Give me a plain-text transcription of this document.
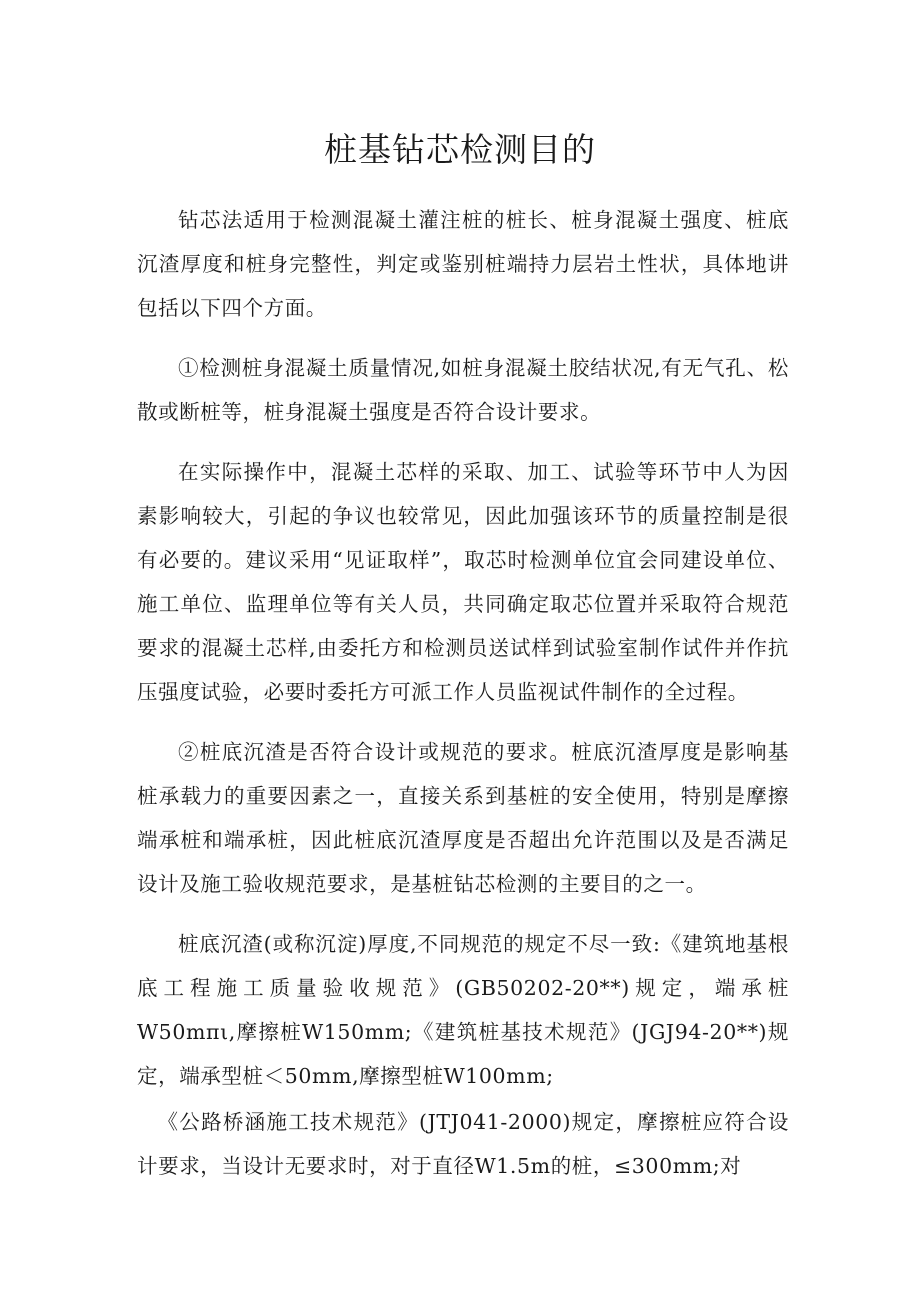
桩基钻芯检测目的

钻芯法适用于检测混凝土灌注桩的桩长、桩身混凝土强度、桩底沉渣厚度和桩身完整性，判定或鉴别桩端持力层岩土性状，具体地讲包括以下四个方面。

①检测桩身混凝土质量情况,如桩身混凝土胶结状况,有无气孔、松散或断桩等，桩身混凝土强度是否符合设计要求。

在实际操作中，混凝土芯样的采取、加工、试验等环节中人为因素影响较大，引起的争议也较常见，因此加强该环节的质量控制是很有必要的。建议采用“见证取样”，取芯时检测单位宜会同建设单位、施工单位、监理单位等有关人员，共同确定取芯位置并采取符合规范要求的混凝土芯样,由委托方和检测员送试样到试验室制作试件并作抗压强度试验，必要时委托方可派工作人员监视试件制作的全过程。

②桩底沉渣是否符合设计或规范的要求。桩底沉渣厚度是影响基桩承载力的重要因素之一，直接关系到基桩的安全使用，特别是摩擦端承桩和端承桩，因此桩底沉渣厚度是否超出允许范围以及是否满足设计及施工验收规范要求，是基桩钻芯检测的主要目的之一。

桩底沉渣(或称沉淀)厚度,不同规范的规定不尽一致:《建筑地基根底工程施工质量验收规范》(GB50202-20**)规定，端承桩W50mπι,摩擦桩W150mm;《建筑桩基技术规范》(JGJ94-20**)规定，端承型桩＜50mm,摩擦型桩W100mm;

《公路桥涵施工技术规范》(JTJ041-2000)规定，摩擦桩应符合设计要求，当设计无要求时，对于直径W1.5m的桩，≤300mm;对
